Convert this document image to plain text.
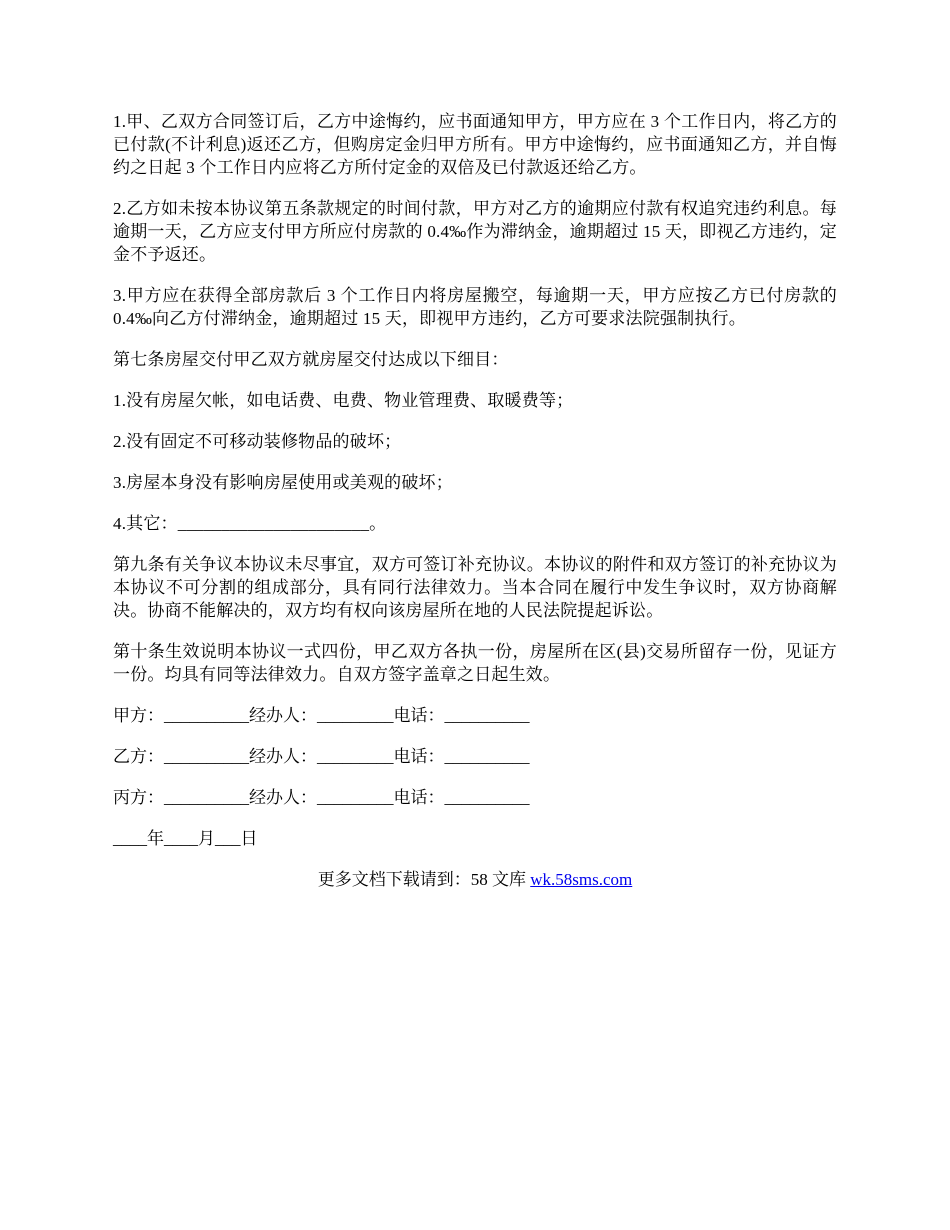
1.甲、乙双方合同签订后，乙方中途悔约，应书面通知甲方，甲方应在 3 个工作日内，将乙方的已付款(不计利息)返还乙方，但购房定金归甲方所有。甲方中途悔约，应书面通知乙方，并自悔约之日起 3 个工作日内应将乙方所付定金的双倍及已付款返还给乙方。

2.乙方如未按本协议第五条款规定的时间付款，甲方对乙方的逾期应付款有权追究违约利息。每逾期一天，乙方应支付甲方所应付房款的 0.4‰作为滞纳金，逾期超过 15 天，即视乙方违约，定金不予返还。

3.甲方应在获得全部房款后 3 个工作日内将房屋搬空，每逾期一天，甲方应按乙方已付房款的 0.4‰向乙方付滞纳金，逾期超过 15 天，即视甲方违约，乙方可要求法院强制执行。

第七条房屋交付甲乙双方就房屋交付达成以下细目：

1.没有房屋欠帐，如电话费、电费、物业管理费、取暖费等；

2.没有固定不可移动装修物品的破坏；

3.房屋本身没有影响房屋使用或美观的破坏；

4.其它：______________________。

第九条有关争议本协议未尽事宜，双方可签订补充协议。本协议的附件和双方签订的补充协议为本协议不可分割的组成部分，具有同行法律效力。当本合同在履行中发生争议时，双方协商解决。协商不能解决的，双方均有权向该房屋所在地的人民法院提起诉讼。

第十条生效说明本协议一式四份，甲乙双方各执一份，房屋所在区(县)交易所留存一份，见证方一份。均具有同等法律效力。自双方签字盖章之日起生效。

甲方：__________经办人：_________电话：__________

乙方：__________经办人：_________电话：__________

丙方：__________经办人：_________电话：__________

____年____月___日

更多文档下载请到：58 文库 wk.58sms.com
